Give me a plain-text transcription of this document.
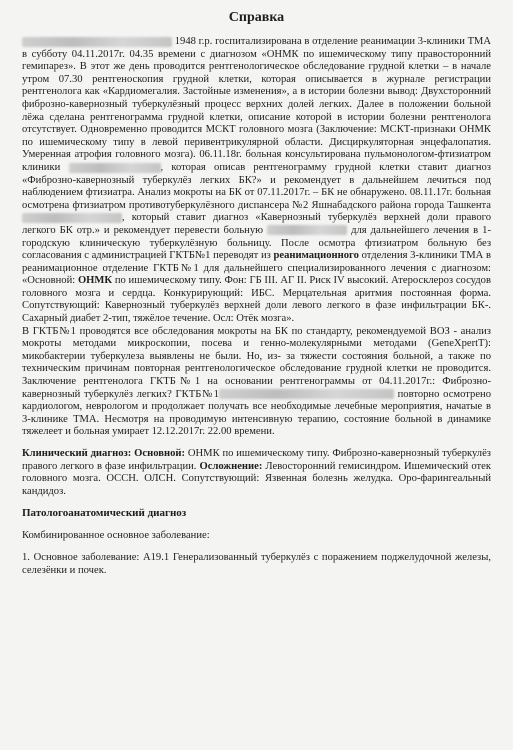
Справка

1948 г.р. госпитализирована в отделение реанимации 3-клиники ТМА в субботу 04.11.2017г. 04.35 времени с диагнозом «ОНМК по ишемическому типу правосторонний гемипарез». В этот же день проводится рентгенологическое обследование грудной клетки – в начале утром 07.30 рентгеноскопия грудной клетки, которая описывается в журнале регистрации рентгенолога как «Кардиомегалия. Застойные изменения», а в истории болезни вывод: Двухсторонний фиброзно-кавернозный туберкулёзный процесс верхних долей легких. Далее в положении больной лёжа сделана рентгенограмма грудной клетки, описание которой в истории болезни рентгенолога отсутствует. Одновременно проводится МСКТ головного мозга (Заключение: МСКТ-признаки ОНМК по ишемическому типу в левой перивентрикулярной области. Дисциркуляторная энцефалопатия. Умеренная атрофия головного мозга). 06.11.18г. больная консультирована пульмонологом-фтизиатром клиники	, которая описав рентгенограмму грудной клетки ставит диагноз «Фиброзно-кавернозный туберкулёз легких БК?» и рекомендует в дальнейшем лечиться под наблюдением фтизиатра. Анализ мокроты на БК от 07.11.2017г. – БК не обнаружено. 08.11.17г. больная осмотрена фтизиатром противотуберкулёзного диспансера №2 Яшнабадского района города Ташкента , который ставит диагноз «Кавернозный туберкулёз верхней доли правого легкого БК отр.» и рекомендует перевести больную	для дальнейшего лечения в 1-городскую клиническую туберкулёзную больницу. После осмотра фтизиатром больную без согласования с администрацией ГКТБ№1 переводят из реанимационного отделения 3-клиники ТМА в реанимационное отделение ГКТБ№1 для дальнейшего специализированного лечения с диагнозом: «Основной: ОНМК по ишемическому типу. Фон: ГБ III. АГ II. Риск IV высокий. Атеросклероз сосудов головного мозга и сердца. Конкурирующий: ИБС. Мерцательная аритмия постоянная форма. Сопутствующий: Кавернозный туберкулёз верхней доли левого легкого в фазе инфильтрации БК-. Сахарный диабет 2-тип, тяжёлое течение. Осл: Отёк мозга».

В ГКТБ№1 проводятся все обследования мокроты на БК по стандарту, рекомендуемой ВОЗ - анализ мокроты методами микроскопии, посева и генно-молекулярными методами (GeneXpertT): микобактерии туберкулеза выявлены не были. Но, из- за тяжести состояния больной, а также по техническим причинам повторная рентгенологическое обследование грудной клетки не проводится. Заключение рентгенолога ГКТБ№1 на основании рентгенограммы от 04.11.2017г.: Фиброзно-кавернозный туберкулёз легких? ГКТБ№1	повторно осмотрено кардиологом, неврологом и продолжает получать все необходимые лечебные мероприятия, начатые в 3-клинике ТМА. Несмотря на проводимую интенсивную терапию, состояние больной в динамике тяжелеет и больная умирает 12.12.2017г. 22.00 времени.

Клинический диагноз: Основной: ОНМК по ишемическому типу. Фиброзно-кавернозный туберкулёз правого легкого в фазе инфильтрации. Осложнение: Левосторонний гемисиндром. Ишемический отек головного мозга. ОССН. ОЛСН. Сопутствующий: Язвенная болезнь желудка. Оро-фарингеальный кандидоз.

Патологоанатомический диагноз

Комбинированное основное заболевание:

1. Основное заболевание: А19.1 Генерализованный туберкулёз с поражением поджелудочной железы, селезёнки и почек.
